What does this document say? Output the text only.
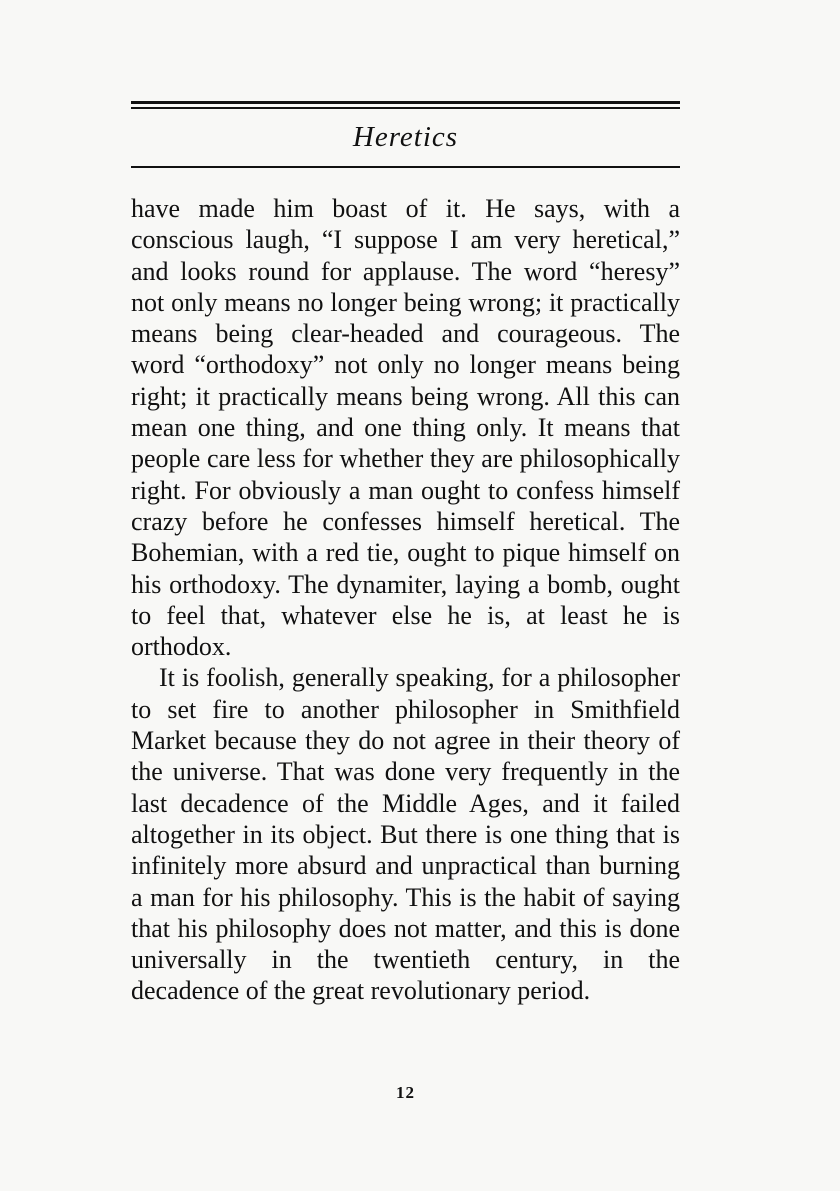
Heretics

have made him boast of it. He says, with a conscious laugh, “I suppose I am very heretical,” and looks round for applause. The word “heresy” not only means no longer being wrong; it practically means being clear-headed and courageous. The word “orthodoxy” not only no longer means being right; it practically means being wrong. All this can mean one thing, and one thing only. It means that people care less for whether they are philosophically right. For obviously a man ought to confess himself crazy before he confesses himself heretical. The Bohemian, with a red tie, ought to pique himself on his orthodoxy. The dynamiter, laying a bomb, ought to feel that, whatever else he is, at least he is orthodox.

It is foolish, generally speaking, for a philosopher to set fire to another philosopher in Smithfield Market because they do not agree in their theory of the universe. That was done very frequently in the last decadence of the Middle Ages, and it failed altogether in its object. But there is one thing that is infinitely more absurd and unpractical than burning a man for his philosophy. This is the habit of saying that his philosophy does not matter, and this is done universally in the twentieth century, in the decadence of the great revolutionary period.

12
